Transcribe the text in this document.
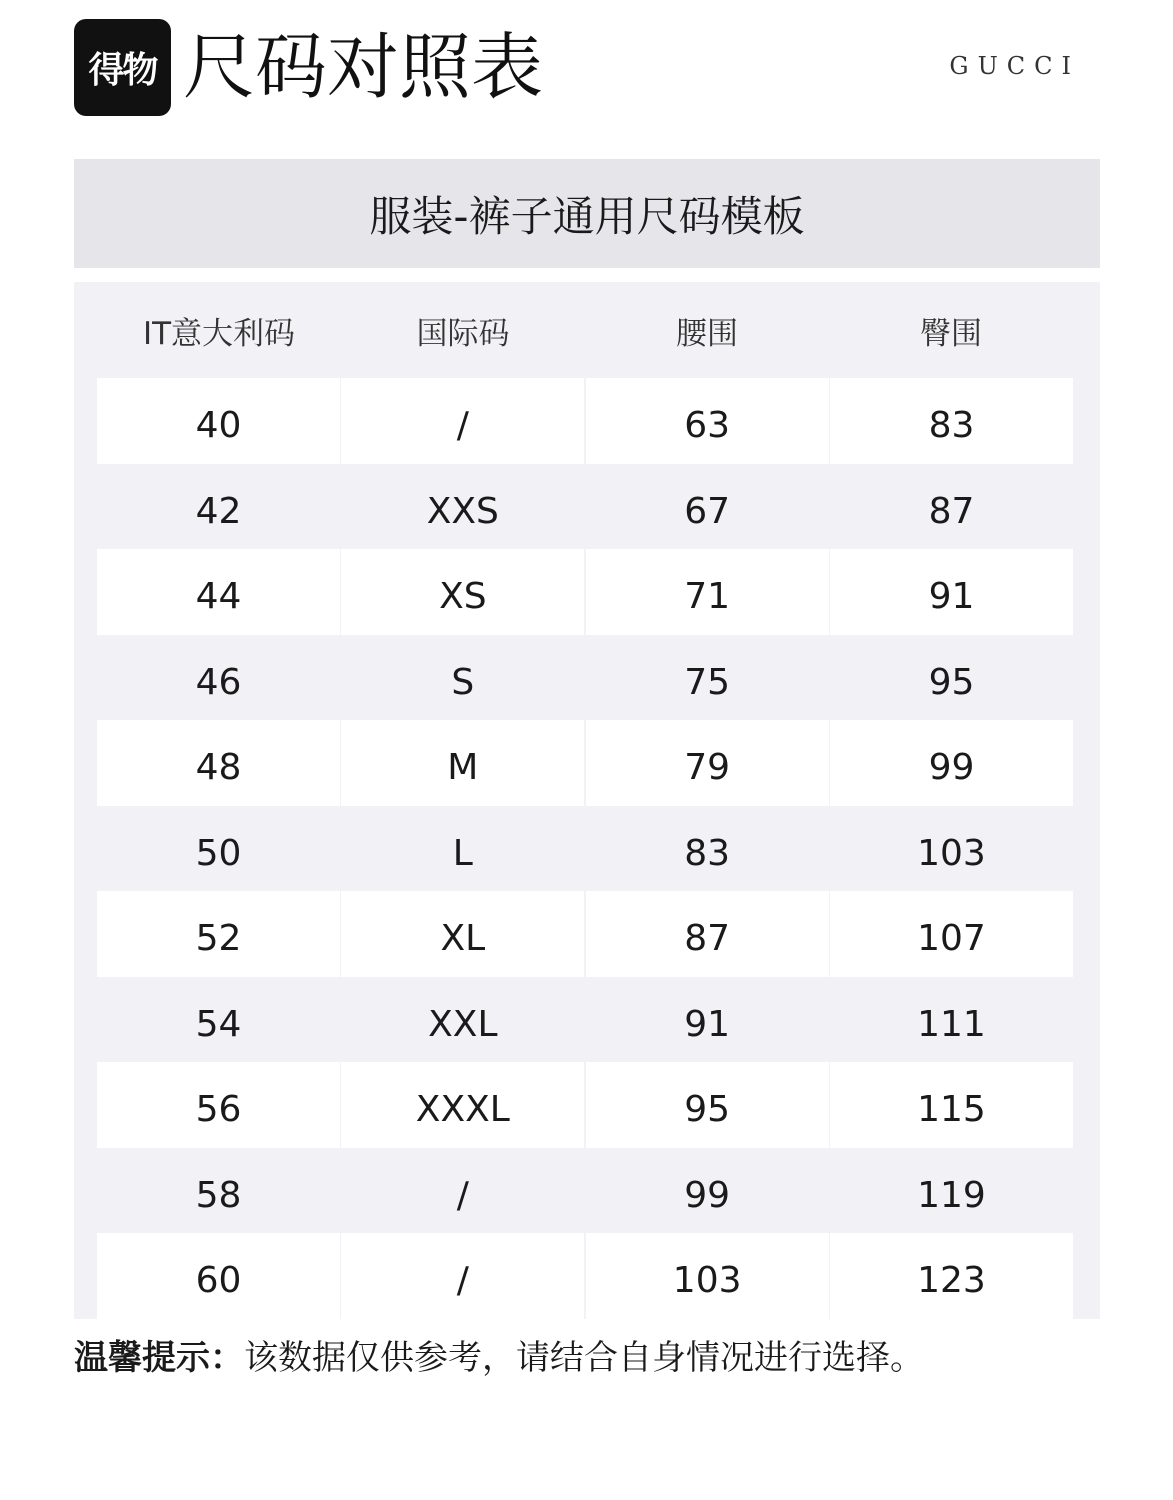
得物 尺码对照表	GUCCI
服装-裤子通用尺码模板
IT意大利码	国际码	腰围	臀围
40	/	63	83
42	XXS	67	87
44	XS	71	91
46	S	75	95
48	M	79	99
50	L	83	103
52	XL	87	107
54	XXL	91	111
56	XXXL	95	115
58	/	99	119
60	/	103	123
温馨提示：该数据仅供参考，请结合自身情况进行选择。
